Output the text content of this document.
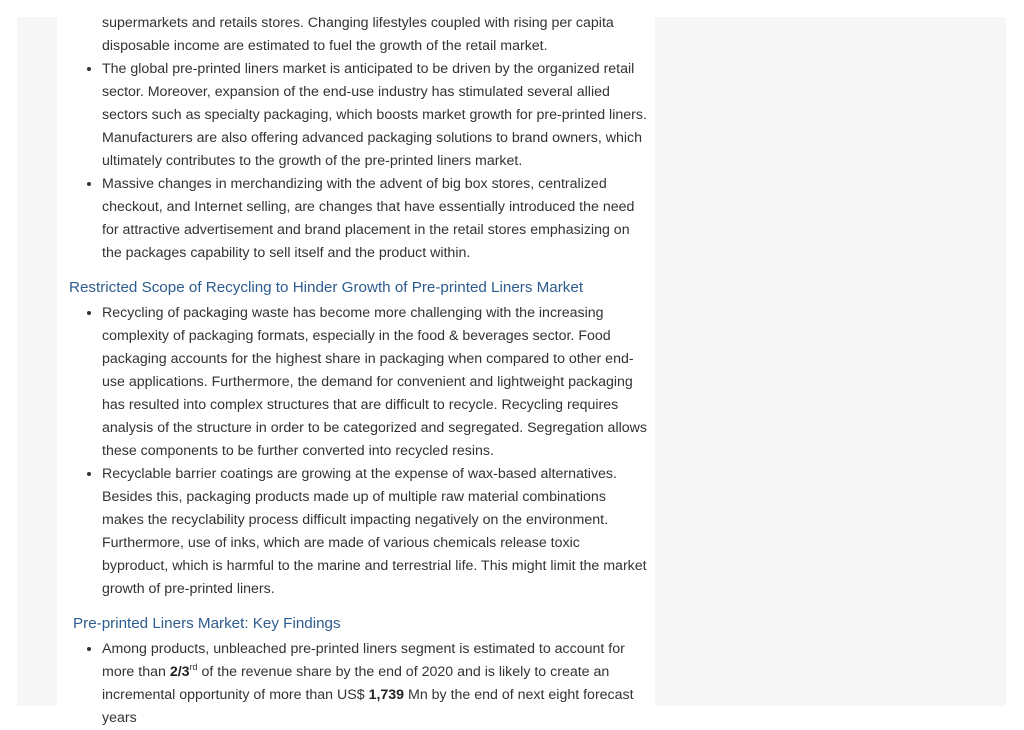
supermarkets and retails stores. Changing lifestyles coupled with rising per capita
disposable income are estimated to fuel the growth of the retail market.
• The global pre-printed liners market is anticipated to be driven by the organized retail sector. Moreover, expansion of the end-use industry has stimulated several allied sectors such as specialty packaging, which boosts market growth for pre-printed liners. Manufacturers are also offering advanced packaging solutions to brand owners, which ultimately contributes to the growth of the pre-printed liners market.
• Massive changes in merchandizing with the advent of big box stores, centralized checkout, and Internet selling, are changes that have essentially introduced the need for attractive advertisement and brand placement in the retail stores emphasizing on the packages capability to sell itself and the product within.
Restricted Scope of Recycling to Hinder Growth of Pre-printed Liners Market
• Recycling of packaging waste has become more challenging with the increasing complexity of packaging formats, especially in the food & beverages sector. Food packaging accounts for the highest share in packaging when compared to other end-use applications. Furthermore, the demand for convenient and lightweight packaging has resulted into complex structures that are difficult to recycle. Recycling requires analysis of the structure in order to be categorized and segregated. Segregation allows these components to be further converted into recycled resins.
• Recyclable barrier coatings are growing at the expense of wax-based alternatives. Besides this, packaging products made up of multiple raw material combinations makes the recyclability process difficult impacting negatively on the environment. Furthermore, use of inks, which are made of various chemicals release toxic byproduct, which is harmful to the marine and terrestrial life. This might limit the market growth of pre-printed liners.
Pre-printed Liners Market: Key Findings
• Among products, unbleached pre-printed liners segment is estimated to account for more than 2/3rd of the revenue share by the end of 2020 and is likely to create an incremental opportunity of more than US$ 1,739 Mn by the end of next eight forecast years
